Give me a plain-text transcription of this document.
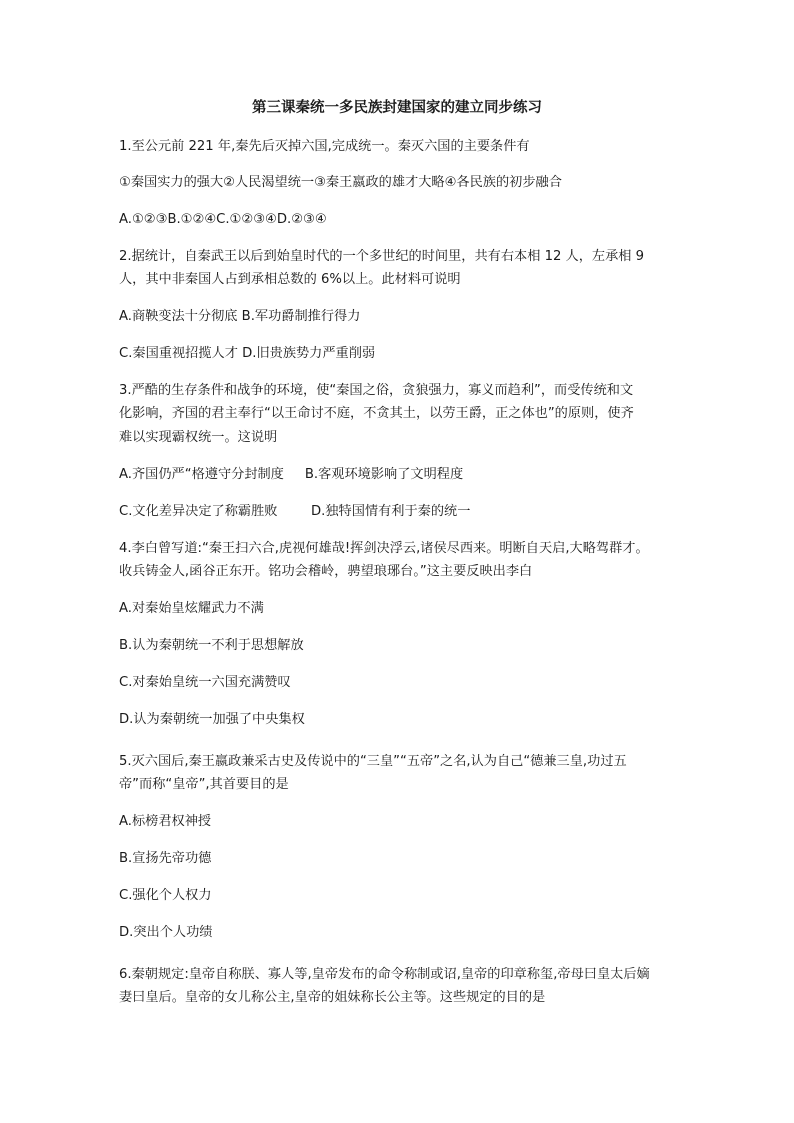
第三课秦统一多民族封建国家的建立同步练习
1.至公元前 221 年,秦先后灭掉六国,完成统一。秦灭六国的主要条件有
①秦国实力的强大②人民渴望统一③秦王嬴政的雄才大略④各民族的初步融合
A.①②③B.①②④C.①②③④D.②③④
2.据统计，自秦武王以后到始皇时代的一个多世纪的时间里，共有右本相 12 人，左承相 9
人，其中非秦国人占到承相总数的 6%以上。此材料可说明
A.商鞅变法十分彻底 B.军功爵制推行得力
C.秦国重视招揽人才 D.旧贵族势力严重削弱
3.严酷的生存条件和战争的环境，使“秦国之俗，贪狼强力，寡义而趋利”，而受传统和文
化影响，齐国的君主奉行“以王命讨不庭，不贪其土，以劳王爵，正之体也”的原则，使齐
难以实现霸权统一。这说明
A.齐国仍严“格遵守分封制度     B.客观环境影响了文明程度
C.文化差异决定了称霸胜败        D.独特国情有利于秦的统一
4.李白曾写道:“秦王扫六合,虎视何雄哉!挥剑决浮云,诸侯尽西来。明断自天启,大略驾群才。
收兵铸金人,函谷正东开。铭功会稽岭，骋望琅琊台。”这主要反映出李白
A.对秦始皇炫耀武力不满
B.认为秦朝统一不利于思想解放
C.对秦始皇统一六国充满赞叹
D.认为秦朝统一加强了中央集权
5.灭六国后,秦王嬴政兼采古史及传说中的“三皇”“五帝”之名,认为自己“德兼三皇,功过五
帝”而称“皇帝”,其首要目的是
A.标榜君权神授
B.宣扬先帝功德
C.强化个人权力
D.突出个人功绩
6.秦朝规定:皇帝自称朕、寡人等,皇帝发布的命令称制或诏,皇帝的印章称玺,帝母曰皇太后嫡
妻曰皇后。皇帝的女儿称公主,皇帝的姐妹称长公主等。这些规定的目的是
